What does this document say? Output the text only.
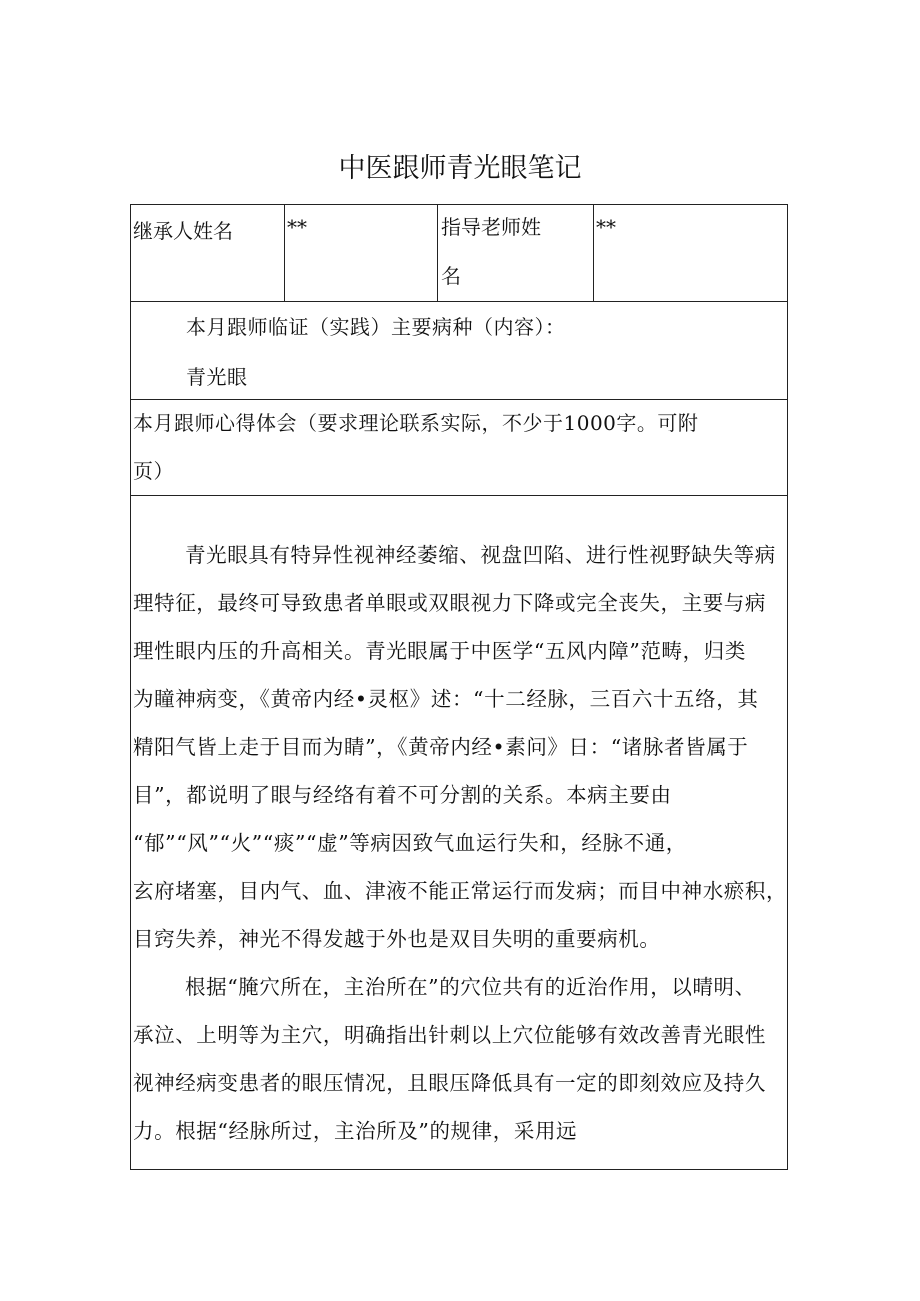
中医跟师青光眼笔记
继承人姓名	**	指导老师姓
名
**
本月跟师临证（实践）主要病种（内容）：
青光眼
本月跟师心得体会（要求理论联系实际，不少于1000字。可附
页）
青光眼具有特异性视神经萎缩、视盘凹陷、进行性视野缺失等病
理特征，最终可导致患者单眼或双眼视力下降或完全丧失，主要与病
理性眼内压的升高相关。青光眼属于中医学“五风内障”范畴，归类
为瞳神病变，《黄帝内经•灵枢》述：“十二经脉，三百六十五络，其
精阳气皆上走于目而为睛”，《黄帝内经•素问》日：“诸脉者皆属于
目”，都说明了眼与经络有着不可分割的关系。本病主要由
“郁”“风”“火”“痰”“虚”等病因致气血运行失和，经脉不通，
玄府堵塞，目内气、血、津液不能正常运行而发病；而目中神水瘀积，
目窍失养，神光不得发越于外也是双目失明的重要病机。
根据“腌穴所在，主治所在”的穴位共有的近治作用，以晴明、
承泣、上明等为主穴，明确指出针刺以上穴位能够有效改善青光眼性
视神经病变患者的眼压情况，且眼压降低具有一定的即刻效应及持久
力。根据“经脉所过，主治所及”的规律，采用远
